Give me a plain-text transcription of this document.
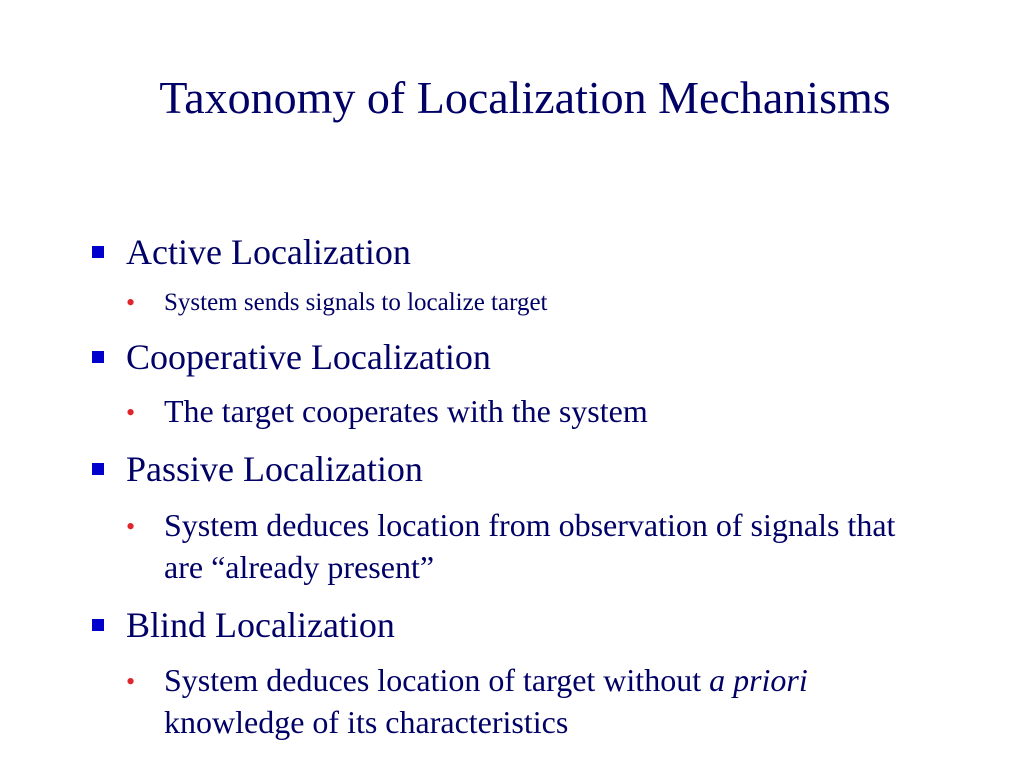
Taxonomy of Localization Mechanisms
Active Localization
• System sends signals to localize target
Cooperative Localization
• The target cooperates with the system
Passive Localization
• System deduces location from observation of signals that are “already present”
Blind Localization
• System deduces location of target without a priori knowledge of its characteristics
